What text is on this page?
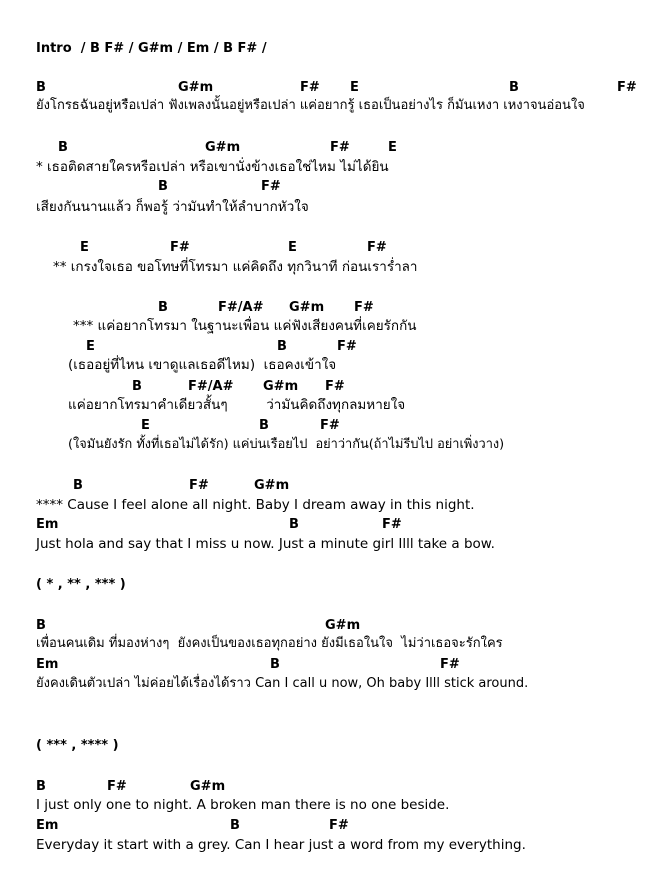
Intro  / B F# / G#m / Em / B F# /
B	G#m	F# E	B	F#
ยังโกรธฉันอยู่หรือเปล่า ฟังเพลงนั้นอยู่หรือเปล่า แค่อยากรู้ เธอเป็นอย่างไร ก็มันเหงา เหงาจนอ่อนใจ
B	G#m	F#	E
* เธอติดสายใครหรือเปล่า หรือเขานั่งข้างเธอใช่ไหม ไม่ได้ยิน
B	F#
เสียงกันนานแล้ว ก็พอรู้ ว่ามันทำให้ลำบากหัวใจ
E	F#	E	F#
** เกรงใจเธอ ขอโทษที่โทรมา แค่คิดถึง ทุกวินาที ก่อนเราร่ำลา
B	F#/A# G#m F#
*** แค่อยากโทรมา ในฐานะเพื่อน แค่ฟังเสียงคนที่เคยรักกัน
E	B	F#
(เธออยู่ที่ไหน เขาดูแลเธอดีไหม)  เธอคงเข้าใจ
B	F#/A# G#m F#
แค่อยากโทรมาคำเดียวสั้นๆ         ว่ามันคิดถึงทุกลมหายใจ
E	B	F#
(ใจมันยังรัก ทั้งที่เธอไม่ได้รัก) แค่บ่นเรือยไป  อย่าว่ากัน(ถ้าไม่รีบไป อย่าเพิ่งวาง)
B	F#	G#m
**** Cause I feel alone all night. Baby I dream away in this night.
Em	B	F#
Just hola and say that I miss u now. Just a minute girl Illl take a bow.
( * , ** , *** )
B	G#m
เพื่อนคนเดิม ที่มองห่างๆ  ยังคงเป็นของเธอทุกอย่าง ยังมีเธอในใจ  ไม่ว่าเธอจะรักใคร
Em	B	F#
ยังคงเดินตัวเปล่า ไม่ค่อยได้เรื่องได้ราว Can I call u now, Oh baby Illl stick around.
( *** , **** )
B	F#	G#m
I just only one to night. A broken man there is no one beside.
Em	B	F#
Everyday it start with a grey. Can I hear just a word from my everything.
